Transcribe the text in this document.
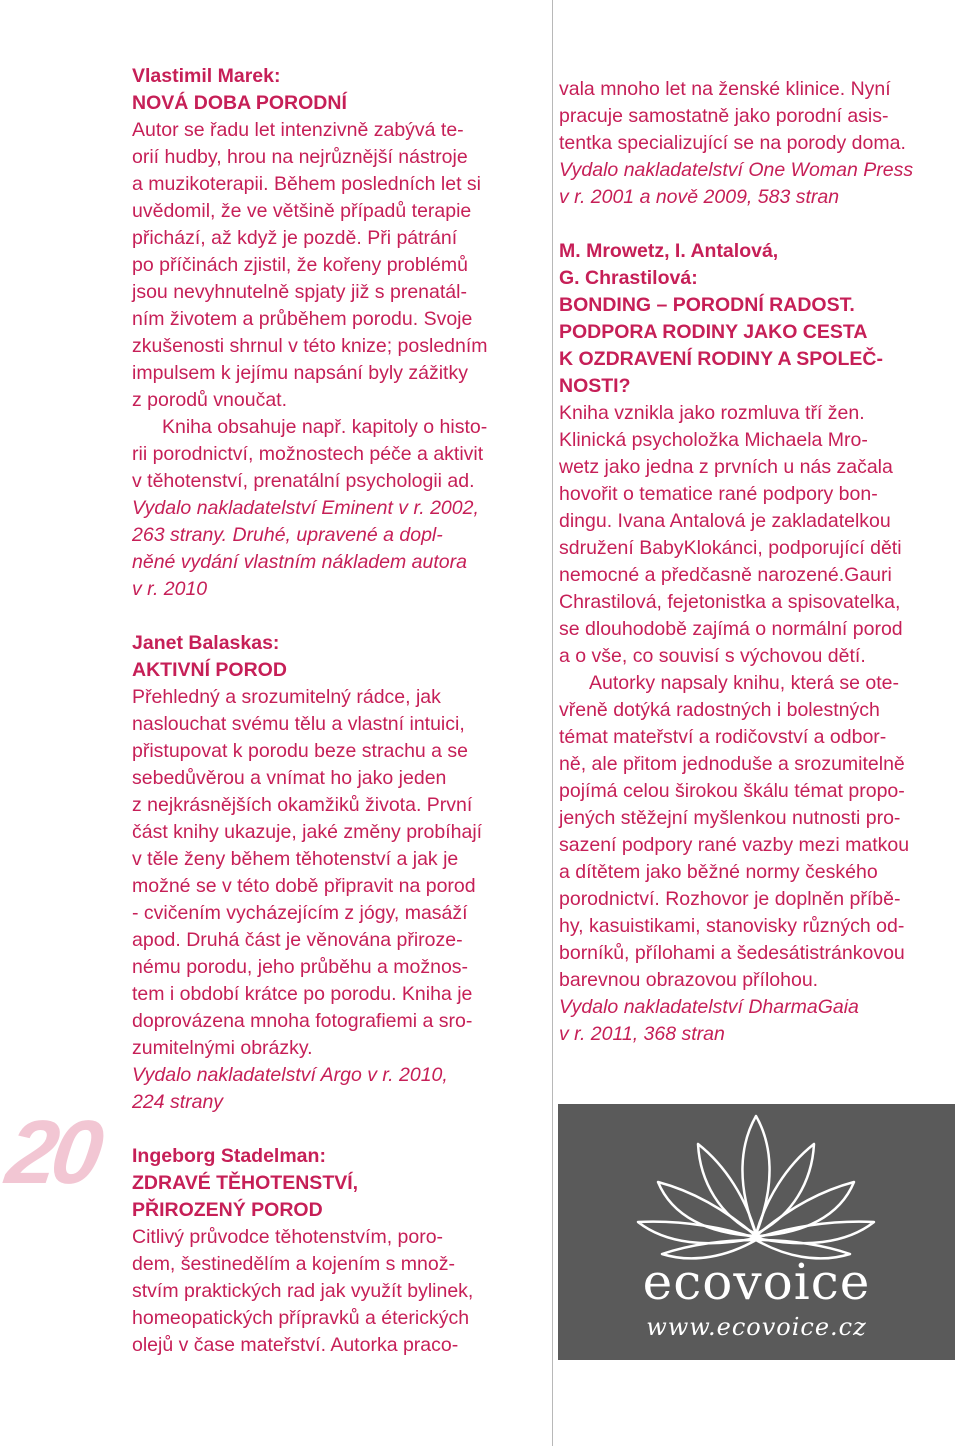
20
Vlastimil Marek:
NOVÁ DOBA PORODNÍ
Autor se řadu let intenzivně zabývá te-
orií hudby, hrou na nejrůznější nástroje
a muzikoterapii. Během posledních let si
uvědomil, že ve většině případů terapie
přichází, až když je pozdě. Při pátrání
po příčinách zjistil, že kořeny problémů
jsou nevyhnutelně spjaty již s prenatál-
ním životem a průběhem porodu. Svoje
zkušenosti shrnul v této knize; posledním
impulsem k jejímu napsání byly zážitky
z porodů vnoučat.
Kniha obsahuje např. kapitoly o histo-
rii porodnictví, možnostech péče a aktivit
v těhotenství, prenatální psychologii ad.
Vydalo nakladatelství Eminent v r. 2002,
263 strany. Druhé, upravené a dopl-
něné vydání vlastním nákladem autora
v r. 2010
Janet Balaskas:
AKTIVNÍ POROD
Přehledný a srozumitelný rádce, jak
naslouchat svému tělu a vlastní intuici,
přistupovat k porodu beze strachu a se
sebedůvěrou a vnímat ho jako jeden
z nejkrásnějších okamžiků života. První
část knihy ukazuje, jaké změny probíhají
v těle ženy během těhotenství a jak je
možné se v této době připravit na porod
- cvičením vycházejícím z jógy, masáží
apod. Druhá část je věnována přiroze-
nému porodu, jeho průběhu a možnos-
tem i období krátce po porodu. Kniha je
doprovázena mnoha fotografiemi a sro-
zumitelnými obrázky.
Vydalo nakladatelství Argo v r. 2010,
224 strany
Ingeborg Stadelman:
ZDRAVÉ TĚHOTENSTVÍ,
PŘIROZENÝ POROD
Citlivý průvodce těhotenstvím, poro-
dem, šestinedělím a kojením s množ-
stvím praktických rad jak využít bylinek,
homeopatických přípravků a éterických
olejů v čase mateřství. Autorka praco-
vala mnoho let na ženské klinice. Nyní
pracuje samostatně jako porodní asis-
tentka specializující se na porody doma.
Vydalo nakladatelství One Woman Press
v r. 2001 a nově 2009, 583 stran
M. Mrowetz, I. Antalová,
G. Chrastilová:
BONDING – PORODNÍ RADOST.
PODPORA RODINY JAKO CESTA
K OZDRAVENÍ RODINY A SPOLEČ-
NOSTI?
Kniha vznikla jako rozmluva tří žen.
Klinická psycholožka Michaela Mro-
wetz jako jedna z prvních u nás začala
hovořit o tematice rané podpory bon-
dingu. Ivana Antalová je zakladatelkou
sdružení BabyKlokánci, podporující děti
nemocné a předčasně narozené.Gauri
Chrastilová, fejetonistka a spisovatelka,
se dlouhodobě zajímá o normální porod
a o vše, co souvisí s výchovou dětí.
Autorky napsaly knihu, která se ote-
vřeně dotýká radostných i bolestných
témat mateřství a rodičovství a odbor-
ně, ale přitom jednoduše a srozumitelně
pojímá celou širokou škálu témat propo-
jených stěžejní myšlenkou nutnosti pro-
sazení podpory rané vazby mezi matkou
a dítětem jako běžné normy českého
porodnictví. Rozhovor je doplněn příbě-
hy, kasuistikami, stanovisky různých od-
borníků, přílohami a šedesátistránkovou
barevnou obrazovou přílohou.
Vydalo nakladatelství DharmaGaia
v r. 2011, 368 stran
ecovoice
www.ecovoice.cz
